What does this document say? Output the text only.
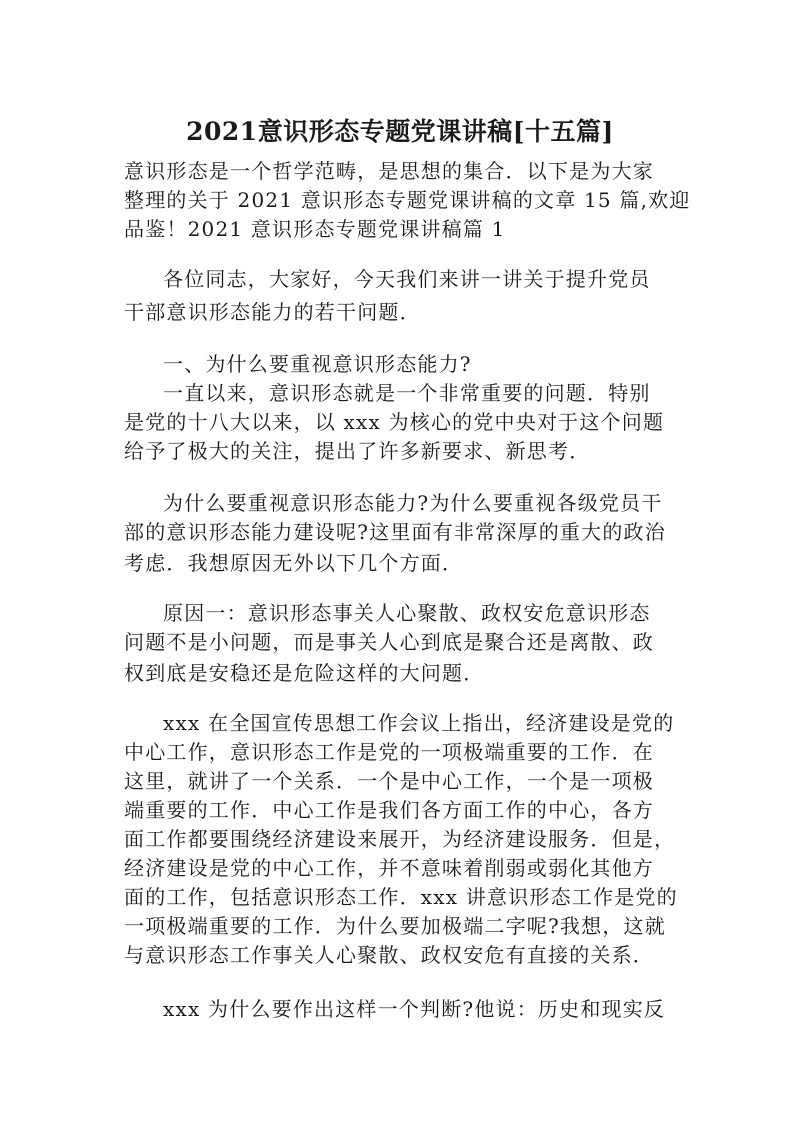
2021意识形态专题党课讲稿[十五篇]
意识形态是一个哲学范畴，是思想的集合．以下是为大家
整理的关于 2021 意识形态专题党课讲稿的文章 15 篇,欢迎
品鉴！2021 意识形态专题党课讲稿篇 1
各位同志，大家好，今天我们来讲一讲关于提升党员
干部意识形态能力的若干问题．
一、为什么要重视意识形态能力?
一直以来，意识形态就是一个非常重要的问题．特别
是党的十八大以来，以 xxx 为核心的党中央对于这个问题
给予了极大的关注，提出了许多新要求、新思考．
为什么要重视意识形态能力?为什么要重视各级党员干
部的意识形态能力建设呢?这里面有非常深厚的重大的政治
考虑．我想原因无外以下几个方面．
原因一：意识形态事关人心聚散、政权安危意识形态
问题不是小问题，而是事关人心到底是聚合还是离散、政
权到底是安稳还是危险这样的大问题．
xxx 在全国宣传思想工作会议上指出，经济建设是党的
中心工作，意识形态工作是党的一项极端重要的工作．在
这里，就讲了一个关系．一个是中心工作，一个是一项极
端重要的工作．中心工作是我们各方面工作的中心，各方
面工作都要围绕经济建设来展开，为经济建设服务．但是，
经济建设是党的中心工作，并不意味着削弱或弱化其他方
面的工作，包括意识形态工作．xxx 讲意识形态工作是党的
一项极端重要的工作．为什么要加极端二字呢?我想，这就
与意识形态工作事关人心聚散、政权安危有直接的关系．
xxx 为什么要作出这样一个判断?他说：历史和现实反
